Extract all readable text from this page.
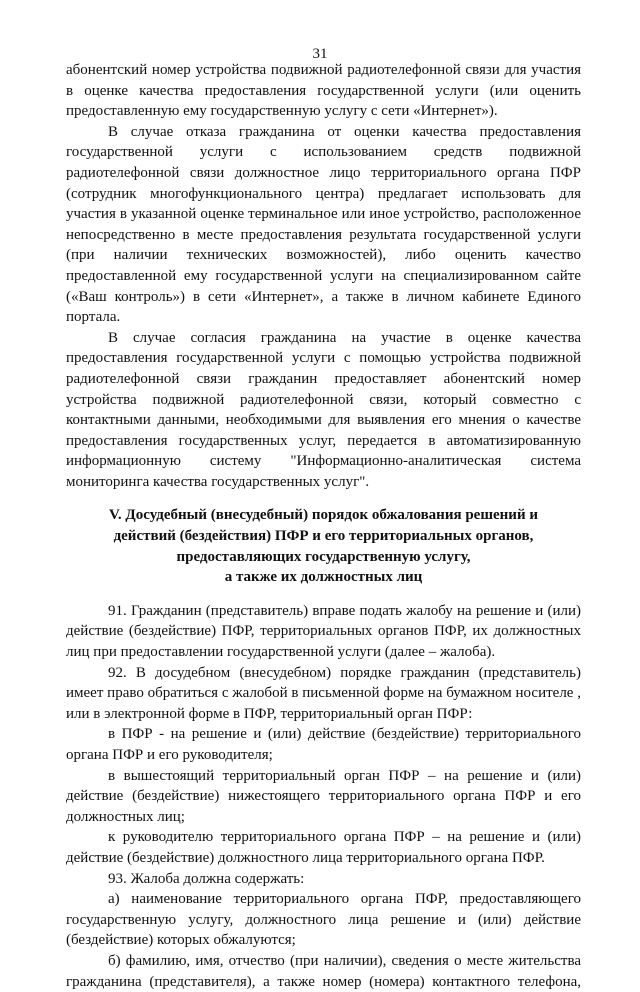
31
абонентский номер устройства подвижной радиотелефонной связи для участия
в оценке качества предоставления государственной услуги (или оценить
предоставленную ему государственную услугу с сети «Интернет»).
В случае отказа гражданина от оценки качества предоставления
государственной услуги с использованием средств подвижной
радиотелефонной связи должностное лицо территориального органа ПФР
(сотрудник многофункционального центра) предлагает использовать для
участия в указанной оценке терминальное или иное устройство, расположенное
непосредственно в месте предоставления результата государственной услуги
(при наличии технических возможностей), либо оценить качество
предоставленной ему государственной услуги на специализированном сайте
(«Ваш контроль») в сети «Интернет», а также в личном кабинете Единого
портала.
В случае согласия гражданина на участие в оценке качества
предоставления государственной услуги с помощью устройства подвижной
радиотелефонной связи гражданин предоставляет абонентский номер
устройства подвижной радиотелефонной связи, который совместно с
контактными данными, необходимыми для выявления его мнения о качестве
предоставления государственных услуг, передается в автоматизированную
информационную систему "Информационно-аналитическая система
мониторинга качества государственных услуг".
V. Досудебный (внесудебный) порядок обжалования решений и
действий (бездействия) ПФР и его территориальных органов,
предоставляющих государственную услугу,
а также их должностных лиц
91. Гражданин (представитель) вправе подать жалобу на решение и (или)
действие (бездействие) ПФР, территориальных органов ПФР, их должностных
лиц при предоставлении государственной услуги (далее – жалоба).
92. В досудебном (внесудебном) порядке гражданин (представитель)
имеет право обратиться с жалобой в письменной форме на бумажном носителе ,
или в электронной форме в ПФР, территориальный орган ПФР:
в ПФР - на решение и (или) действие (бездействие) территориального
органа ПФР и его руководителя;
в вышестоящий территориальный орган ПФР – на решение и (или)
действие (бездействие) нижестоящего территориального органа ПФР и его
должностных лиц;
к руководителю территориального органа ПФР – на решение и (или)
действие (бездействие) должностного лица территориального органа ПФР.
93. Жалоба должна содержать:
а) наименование территориального органа ПФР, предоставляющего
государственную услугу, должностного лица решение и (или) действие
(бездействие) которых обжалуются;
б) фамилию, имя, отчество (при наличии), сведения о месте жительства
гражданина (представителя), а также номер (номера) контактного телефона,
